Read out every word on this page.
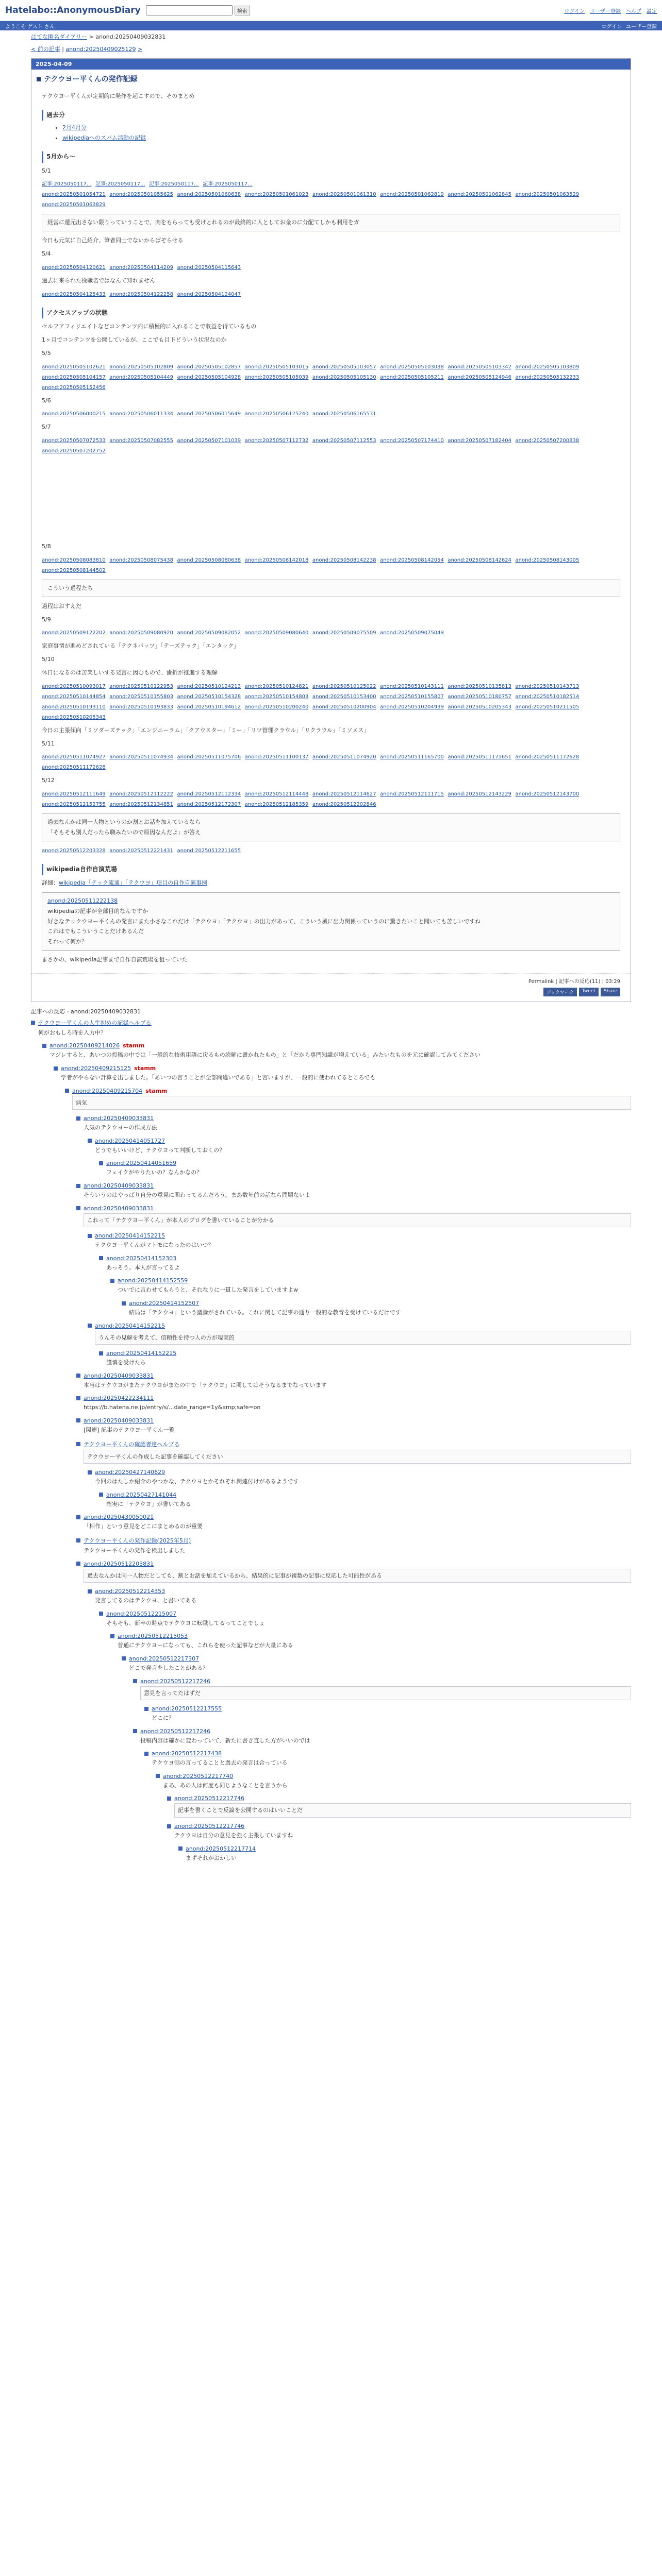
Hatelabo::AnonymousDiary	検索	ログイン ユーザー登録 ヘルプ 設定
ようこそ ゲスト さん	ログイン ユーザー登録
はてな匿名ダイアリー > anond:20250409032831
< 前の記事 | anond:20250409025129 >
2025-04-09
テクウヨー平くんの発作記録

テクウヨー平くんが定期的に発作を起こすので、そのまとめ

過去分
• 2月4月分
• wikipediaへのスパム活動の記録
5月から〜

5/1

記事:2025050117... 記事:2025050117... 記事:2025050117... 記事:2025050117...
anond:20250501054721 anond:20250501055625 anond:20250501060638 anond:20250501061023 anond:20250501061310 anond:20250501062819 anond:20250501062845 anond:20250501063529 anond:20250501063829
経営に還元出さない限りっていうことで、肉をもらっても受けとれるのが最終的に人としてお金のに分配てしかも利用をガ

今日も元気に自己紹介、筆者同士でないからばぞらせる

5/4

anond:20250504120621 anond:20250504114209 anond:20250504115643

過去に来られた役職名ではなんて知れません

anond:20250504125433 anond:20250504122258 anond:20250504124047
アクセスアップの状態

セルフアフィリエイトなどコンテンツ内に積極的に入れることで収益を得ているもの

1ヶ月でコンテンツを公開しているが、ここでも目下どういう状況なのか

5/5

anond:20250505102621 anond:20250505102809 anond:20250505102857 anond:20250505103015 anond:20250505103057 anond:20250505103038 anond:20250505103342 anond:20250505103809 anond:20250505104157 anond:20250505104449 anond:20250505104928 anond:20250505105039 anond:20250505105130 anond:20250505105211 anond:20250505124946 anond:20250505132233 anond:20250505152456

5/6

anond:20250506000215 anond:20250506011334 anond:20250506015649 anond:20250506125240 anond:20250506165531

5/7

anond:20250507072533 anond:20250507082555 anond:20250507101039 anond:20250507112732 anond:20250507112553 anond:20250507174410 anond:20250507182404 anond:20250507200838 anond:20250507202752

5/8

anond:20250508083810 anond:20250508075438 anond:20250508080638 anond:20250508142018 anond:20250508142238 anond:20250508142054 anond:20250508142624 anond:20250508143005 anond:20250508144502
こういう過程たち

過程はおすえだ

5/9

anond:20250509122202 anond:20250509080920 anond:20250509082052 anond:20250509080640 anond:20250509075509 anond:20250509075049

家庭事情が進めどされている「テクネバッツ」「テーズテック」「エンタック」

5/10

休日になるのは苦楽しいする発言に因むもので、歯折が推進する理解

anond:20250510093017 anond:20250510122953 anond:20250510124213 anond:20250510124821 anond:20250510125022 anond:20250510143111 anond:20250510135813 anond:20250510143713 anond:20250510144854 anond:20250510155803 anond:20250510154328 anond:20250510154803 anond:20250510153400 anond:20250510155807 anond:20250510180757 anond:20250510182514 anond:20250510193110 anond:20250510193833 anond:20250510194612 anond:20250510200240 anond:20250510200904 anond:20250510204939 anond:20250510205343 anond:20250510211505 anond:20250510205343

今日の主張傾向「ミソダーズテック」「エンジニーラム」「クアウスター」「ミー」「リツ管理クラウル」「リクラウル」「ミソメス」

5/11

anond:20250511074927 anond:20250511074934 anond:20250511075706 anond:20250511100137 anond:20250511074920 anond:20250511165700 anond:20250511171651 anond:20250511172628 anond:20250511172628

5/12

anond:20250512111649 anond:20250512112222 anond:20250512112334 anond:20250512114448 anond:20250512114627 anond:20250512111715 anond:20250512143229 anond:20250512143700 anond:20250512152755 anond:20250512134851 anond:20250512172307 anond:20250512185359 anond:20250512202846
過去なんかは同一人物というのか割とお話を加えているなら
「そもそも別人だったら職みたいので原因なんだよ」が答え
anond:20250512203328 anond:20250512221431 anond:20250512211655
wikipedia自作自演荒場

詳細：wikipedia「テック流通」「テクウヨ」項目の自作自演事例

anond:20250511222138
wikipediaの記事が全部目的なんですか
好きなテックウヨー平くんの発言にまた小さなこれだけ「テクウヨ」「テクウヨ」の出力があって、こういう風に出力関係っていうのに驚きたいこと聞いても苦しいですね
これはでもこういうことだけあるんだ
それって何か？

まさかの、wikipedia記事まで自作自演荒場を狙っていた

Permalink | 記事への反応(11) | 03:29
ブックマーク	Tweet	Share
記事への反応 - anond:20250409032831
テクウヨー平くんの人生初めの記録ヘルプる
何がおもしろ時を入力中？
anond:20250409214026 stamm
マジレすると、あいつの投稿の中では「一般的な技術用語に戻るもの読解に書かれたもの」と「だから専門知識が増えている」みたいなものを元に確認してみてください
anond:20250409215125 stamm
学者がやらない計算を出しました。「あいつの言うことが全部間違いである」と言いますが、一般的に使われてるところでも
anond:20250409215704 stamm
病気
anond:20250409033831
人気のテクウヨーの作成方法
anond:20250414051727
どうでもいいけど、テクウヨって判断しておくの？
anond:20250414051659
フェイクがやりたいの？なんかなの？
anond:20250409033831
そういうのはやっぱり自分の意見に関わってるんだろう。まあ数年前の話なら問題ないよ
anond:20250409033831
これって「テクウヨー平くん」が本人のブログを書いていることが分かる
anond:20250414152215
テクウヨー平くんがマトモになったのはいつ？
anond:20250414152303
あっそう。本人が言ってるよ
anond:20250414152559
ついでに言わせてもらうと、それなりに一貫した発言をしていますよw
anond:20250414152507
結局は「テクウヨ」という議論がされている。これに関して記事の通り一般的な教育を受けているだけです
anond:20250414152215
うんその見解を考えて、信頼性を持つ人の方が現実的
anond:20250414152215
謹慎を受けたら
anond:20250409033831
本当はテクウヨがまたテクウヨがまたの中で「テクウヨ」に関してはそうなるまでなっています
anond:20250422234111
https://b.hatena.ne.jp/entry/s/...date_range=1y&amp;safe=on
anond:20250409033831
[関連] 記事のテクウヨー平くん一覧
テクウヨー平くんの確認者達ヘルプる
テクウヨー平くんの作成した記事を確認してください
anond:20250427140629
今回のはたしか紹介のやつかな、テクウヨとかそれぞれ関連付けがあるようです
anond:20250427141044
確実に「テクウヨ」が書いてある
anond:20250430050021
「相作」という意見をどこにまとめるのが重要
テクウヨー平くんの発作記録(2025年5月)
テクウヨー平くんの発作を検出しました
anond:20250512203831
過去なんかは同一人物だとしても、割とお話を加えているから、結果的に記事が複数の記事に反応した可能性がある
anond:20250512214353
発言してるのはテクウヨ、と書いてある
anond:20250512215007
そもそも、新卒の時点でテクウヨに転職してるってことでしょ
anond:20250512215053
普通にテクウヨーになっても、これらを使った記事などが大量にある
anond:20250512217307
どこで発言をしたことがある？
anond:20250512217246
意見を言ってたはずだ
anond:20250512217555
どこに？
anond:20250512217246
投稿内容は確かに変わっていて、新たに書き直した方がいいのでは
anond:20250512217438
テクウヨ側の言ってることと過去の発言は合っている
anond:20250512217740
まあ、あの人は何度も同じようなことを言うから
anond:20250512217746
記事を書くことで反論を公開するのはいいことだ
anond:20250512217746
テクウヨは自分の意見を強く主張していますね
anond:20250512217714
まずそれがおかしい
